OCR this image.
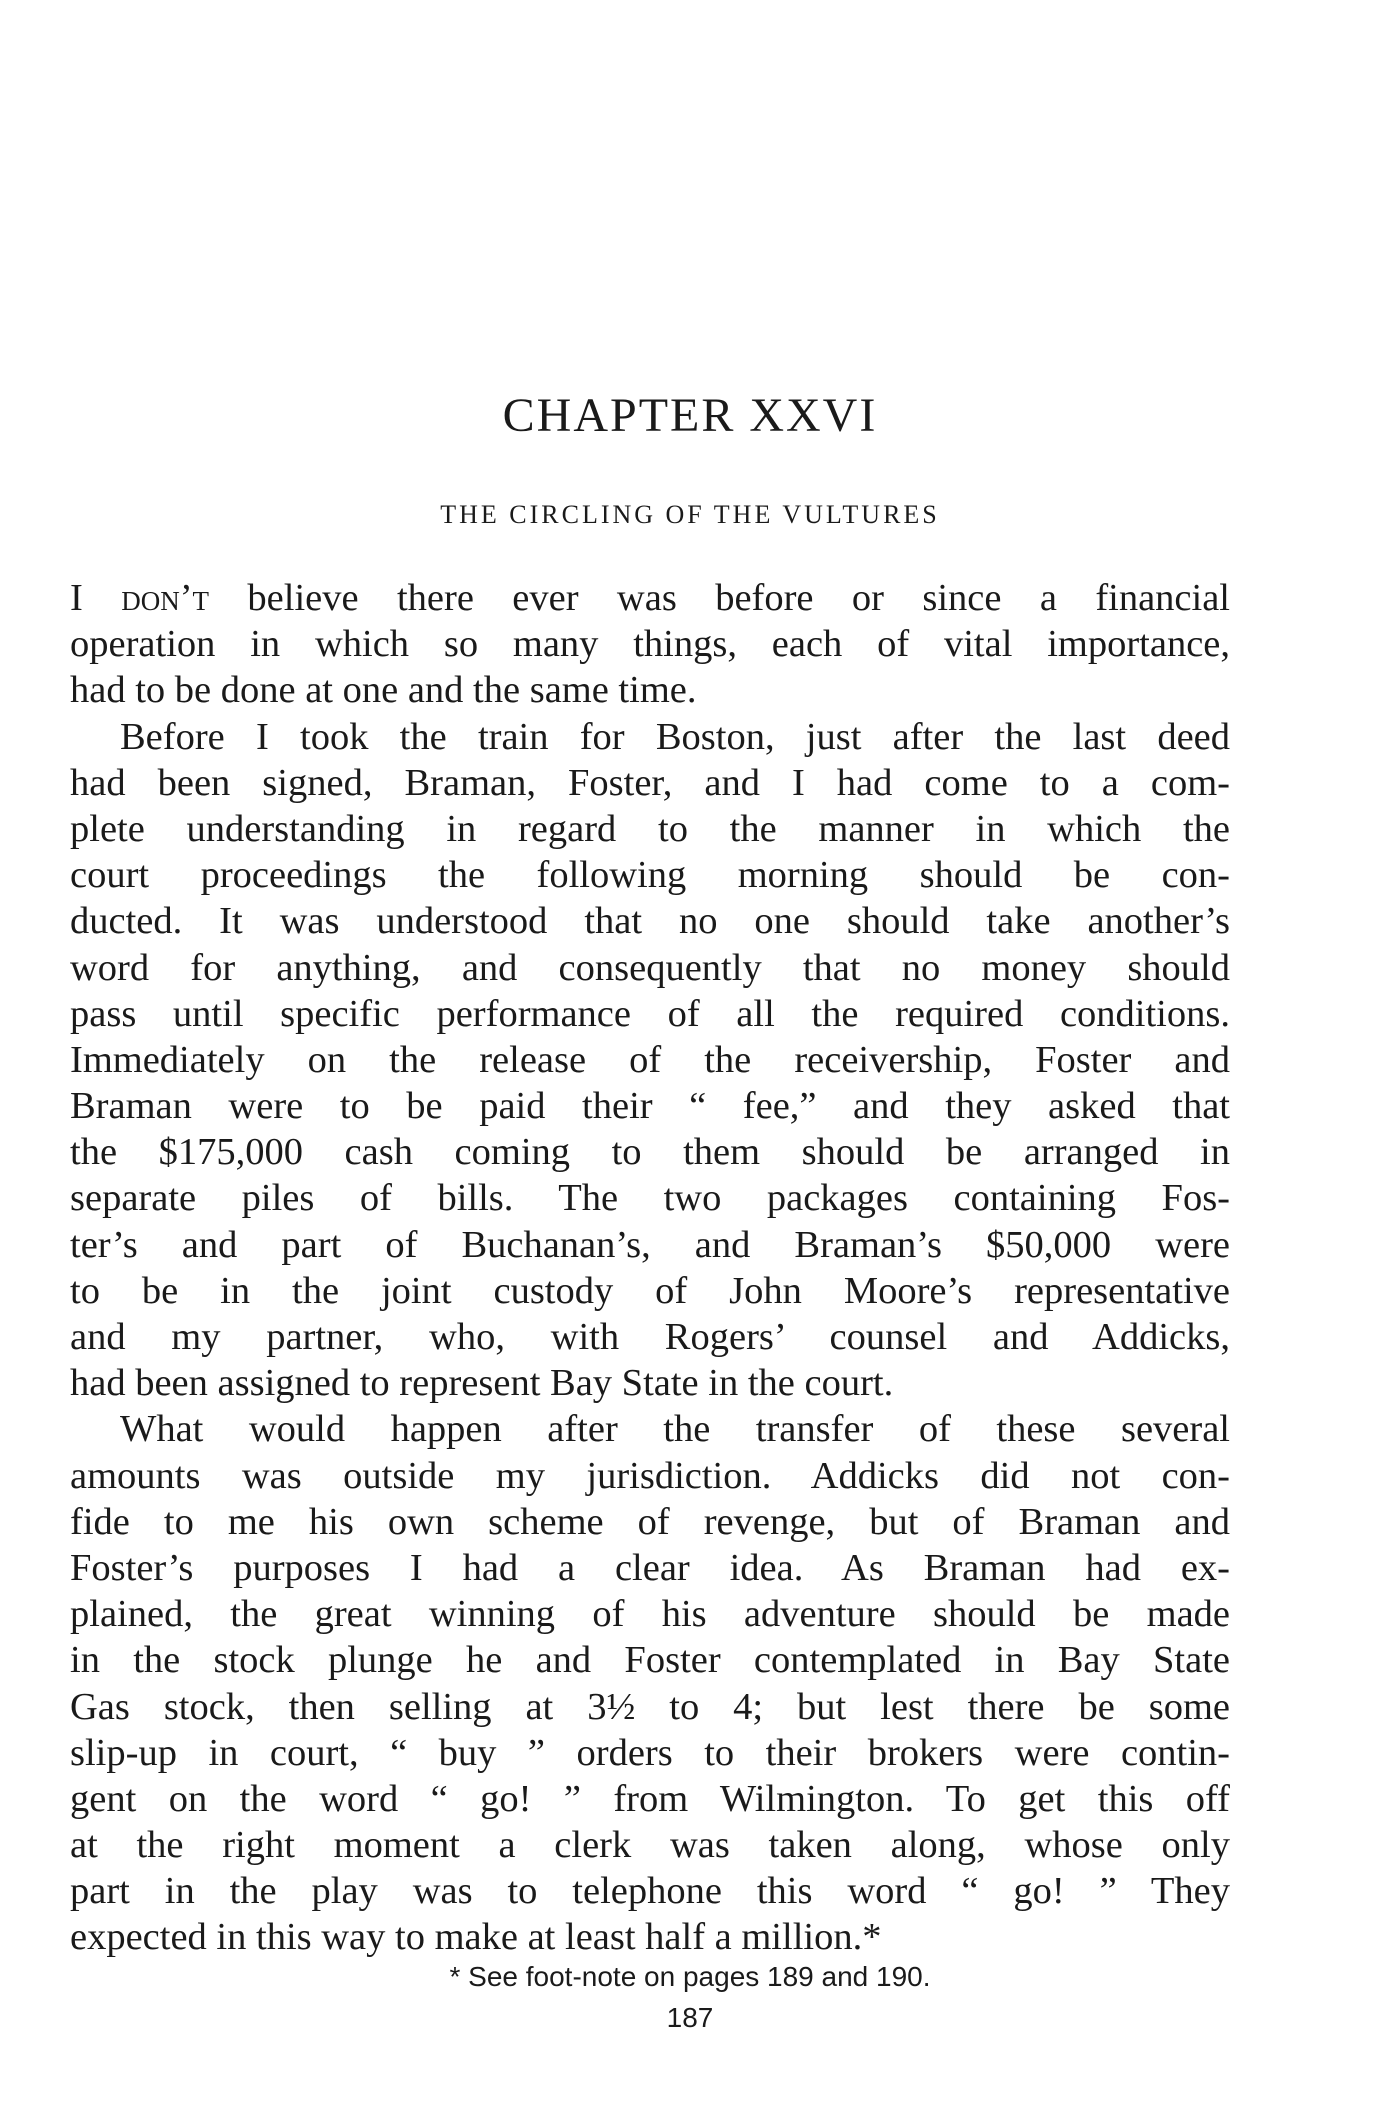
CHAPTER XXVI
THE CIRCLING OF THE VULTURES
I don’t believe there ever was before or since a financial
operation in which so many things, each of vital importance,
had to be done at one and the same time.
Before I took the train for Boston, just after the last deed
had been signed, Braman, Foster, and I had come to a com-
plete understanding in regard to the manner in which the
court proceedings the following morning should be con-
ducted. It was understood that no one should take another’s
word for anything, and consequently that no money should
pass until specific performance of all the required conditions.
Immediately on the release of the receivership, Foster and
Braman were to be paid their “ fee,” and they asked that
the $175,000 cash coming to them should be arranged in
separate piles of bills. The two packages containing Fos-
ter’s and part of Buchanan’s, and Braman’s $50,000 were
to be in the joint custody of John Moore’s representative
and my partner, who, with Rogers’ counsel and Addicks,
had been assigned to represent Bay State in the court.
What would happen after the transfer of these several
amounts was outside my jurisdiction. Addicks did not con-
fide to me his own scheme of revenge, but of Braman and
Foster’s purposes I had a clear idea. As Braman had ex-
plained, the great winning of his adventure should be made
in the stock plunge he and Foster contemplated in Bay State
Gas stock, then selling at 3½ to 4; but lest there be some
slip-up in court, “ buy ” orders to their brokers were contin-
gent on the word “ go! ” from Wilmington. To get this off
at the right moment a clerk was taken along, whose only
part in the play was to telephone this word “ go! ” They
expected in this way to make at least half a million.*
* See foot-note on pages 189 and 190.
187
